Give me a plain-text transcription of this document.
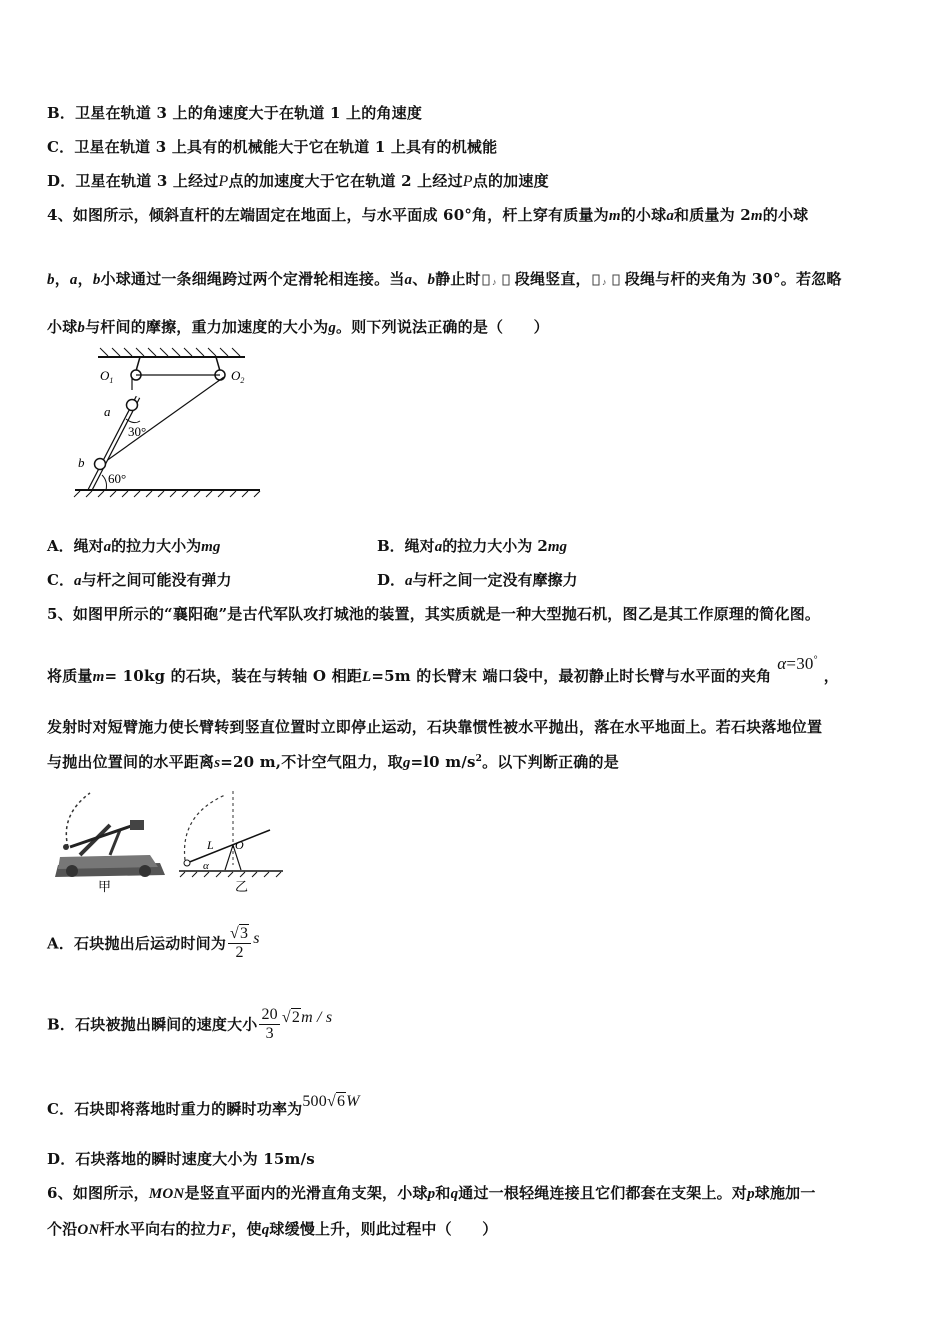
B．卫星在轨道 3 上的角速度大于在轨道 1 上的角速度
C．卫星在轨道 3 上具有的机械能大于它在轨道 1 上具有的机械能
D．卫星在轨道 3 上经过P点的加速度大于它在轨道 2 上经过P点的加速度
4、如图所示，倾斜直杆的左端固定在地面上，与水平面成 60°角，杆上穿有质量为m的小球a和质量为 2m的小球
b，a，b小球通过一条细绳跨过两个定滑轮相连接。当a、b静止时 ♪ 段绳竖直， ♪ 段绳与杆的夹角为 30°。若忽略
小球b与杆间的摩擦，重力加速度的大小为g。则下列说法正确的是（　　）
$O_1$	$O_2$
a
b
30°
60°
A．绳对a的拉力大小为mg	B．绳对a的拉力大小为 2mg
C．a与杆之间可能没有弹力	D．a与杆之间一定没有摩擦力
5、如图甲所示的“襄阳砲”是古代军队攻打城池的装置，其实质就是一种大型抛石机，图乙是其工作原理的简化图。
将质量m= 10kg 的石块，装在与转轴 O 相距L=5m 的长臂末 端口袋中，最初静止时长臂与水平面的夹角α=30°，
发射时对短臂施力使长臂转到竖直位置时立即停止运动，石块靠惯性被水平抛出，落在水平地面上。若石块落地位置
与抛出位置间的水平距离s=20 m,不计空气阻力，取g=l0 $m/s^2$。以下判断正确的是
甲
L O
α
乙
A．石块抛出后运动时间为 $\frac{√3}{2}$ s
B．石块被抛出瞬间的速度大小 $\frac{20}{3} √2m$ / s
C．石块即将落地时重力的瞬时功率为500√6W
D．石块落地的瞬时速度大小为 15m/s
6、如图所示，MON是竖直平面内的光滑直角支架，小球p和q通过一根轻绳连接且它们都套在支架上。对p球施加一
个沿ON杆水平向右的拉力F，使q球缓慢上升，则此过程中（　　）
